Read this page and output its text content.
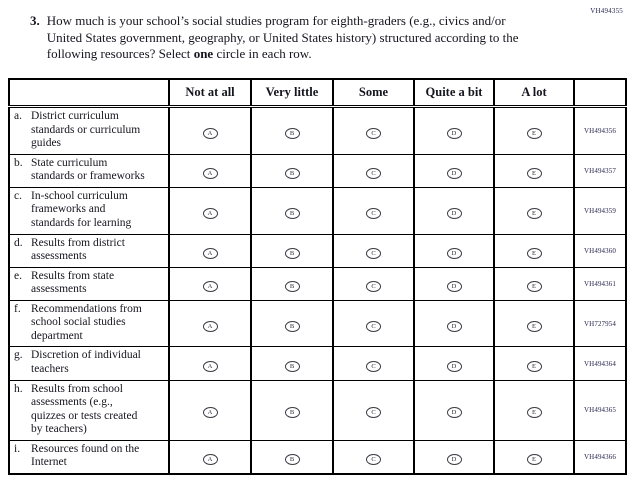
VH494355
3. How much is your school’s social studies program for eighth-graders (e.g., civics and/or United States government, geography, or United States history) structured according to the following resources? Select one circle in each row.
	Not at all	Very little	Some	Quite a bit	A lot	

a. District curriculum standards or curriculum guides	A	B	C	D	E	VH494356

b. State curriculum standards or frameworks	A	B	C	D	E	VH494357

c. In-school curriculum frameworks and standards for learning	A	B	C	D	E	VH494359

d. Results from district assessments	A	B	C	D	E	VH494360

e. Results from state assessments	A	B	C	D	E	VH494361

f. Recommendations from school social studies department	A	B	C	D	E	VH727954

g. Discretion of individual teachers	A	B	C	D	E	VH494364

h. Results from school assessments (e.g., quizzes or tests created by teachers)	A	B	C	D	E	VH494365

i. Resources found on the Internet	A	B	C	D	E	VH494366
